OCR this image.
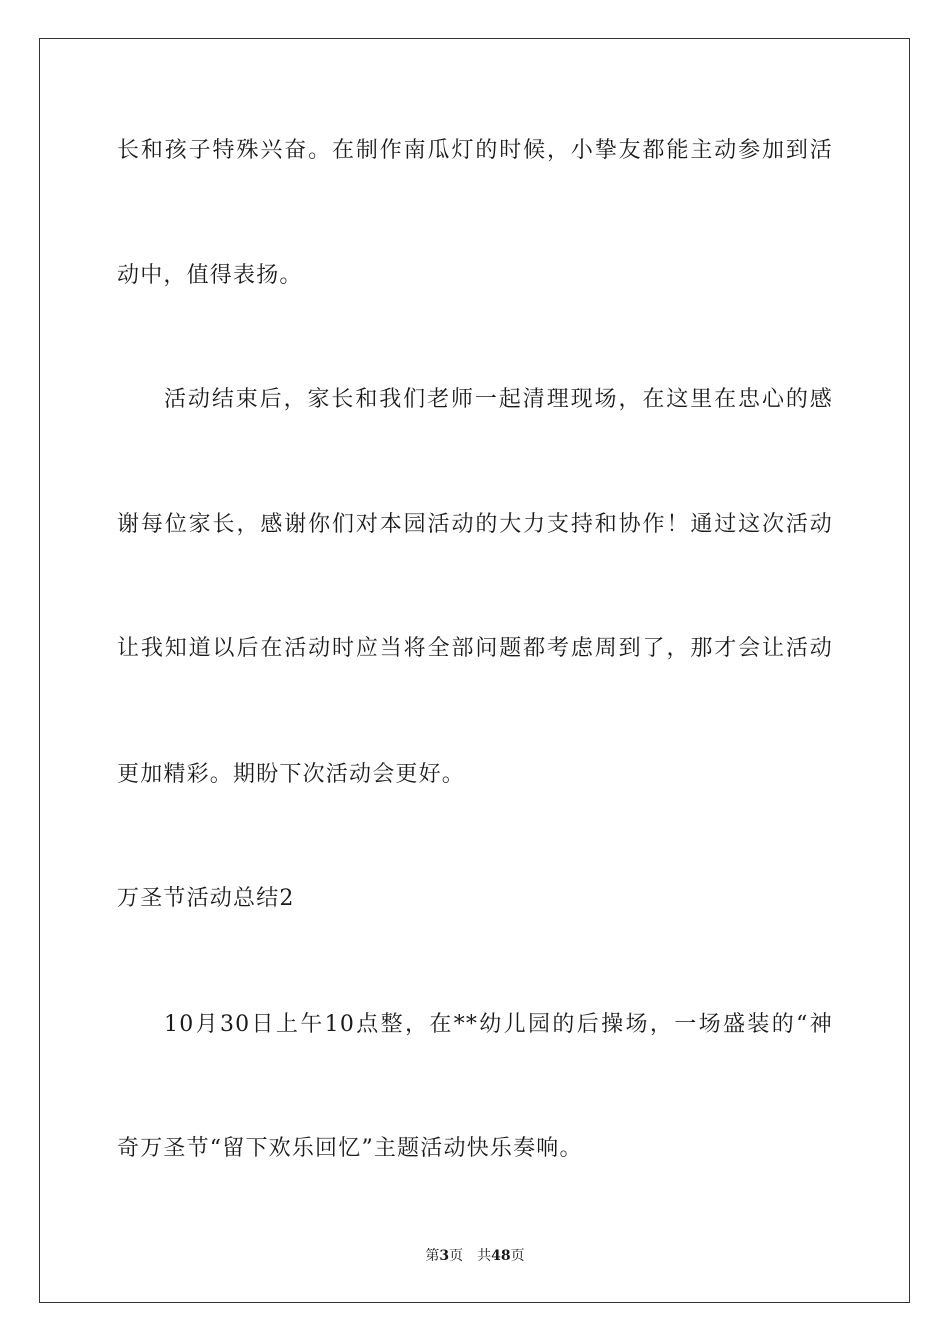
长和孩子特殊兴奋。在制作南瓜灯的时候，小挚友都能主动参加到活
动中，值得表扬。
活动结束后，家长和我们老师一起清理现场，在这里在忠心的感
谢每位家长，感谢你们对本园活动的大力支持和协作！通过这次活动
让我知道以后在活动时应当将全部问题都考虑周到了，那才会让活动
更加精彩。期盼下次活动会更好。
万圣节活动总结2
10月30日上午10点整，在**幼儿园的后操场，一场盛装的“神
奇万圣节“留下欢乐回忆”主题活动快乐奏响。
第3页 共48页
